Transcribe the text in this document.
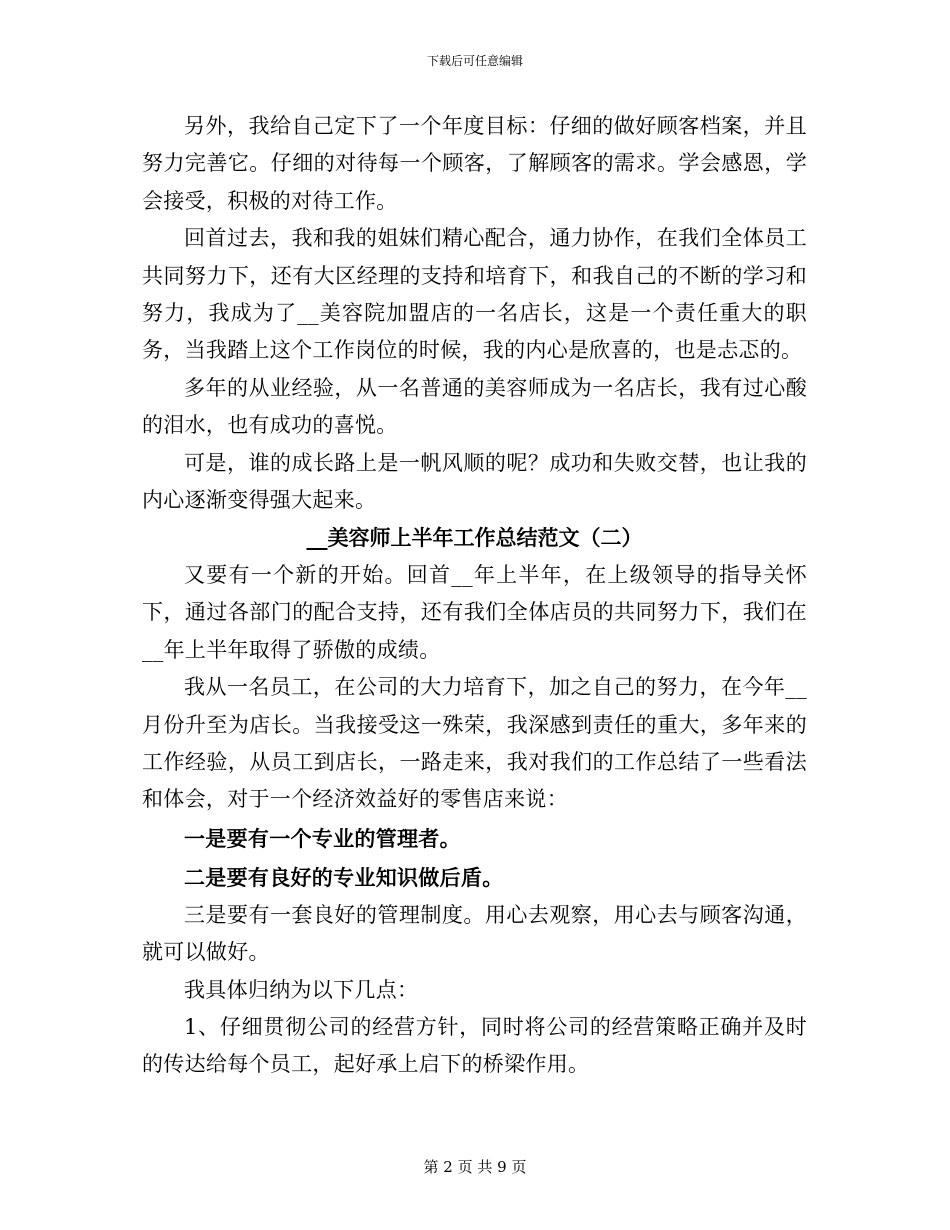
下载后可任意编辑

另外，我给自己定下了一个年度目标：仔细的做好顾客档案，并且努力完善它。仔细的对待每一个顾客，了解顾客的需求。学会感恩，学会接受，积极的对待工作。

回首过去，我和我的姐妹们精心配合，通力协作，在我们全体员工共同努力下，还有大区经理的支持和培育下，和我自己的不断的学习和努力，我成为了__美容院加盟店的一名店长，这是一个责任重大的职务，当我踏上这个工作岗位的时候，我的内心是欣喜的，也是忐忑的。

多年的从业经验，从一名普通的美容师成为一名店长，我有过心酸的泪水，也有成功的喜悦。

可是，谁的成长路上是一帆风顺的呢？成功和失败交替，也让我的内心逐渐变得强大起来。

__美容师上半年工作总结范文（二）

又要有一个新的开始。回首__年上半年，在上级领导的指导关怀下，通过各部门的配合支持，还有我们全体店员的共同努力下，我们在__年上半年取得了骄傲的成绩。

我从一名员工，在公司的大力培育下，加之自己的努力，在今年__月份升至为店长。当我接受这一殊荣，我深感到责任的重大，多年来的工作经验，从员工到店长，一路走来，我对我们的工作总结了一些看法和体会，对于一个经济效益好的零售店来说：

一是要有一个专业的管理者。

二是要有良好的专业知识做后盾。

三是要有一套良好的管理制度。用心去观察，用心去与顾客沟通，就可以做好。

我具体归纳为以下几点：

1、仔细贯彻公司的经营方针，同时将公司的经营策略正确并及时的传达给每个员工，起好承上启下的桥梁作用。

第 2 页 共 9 页
